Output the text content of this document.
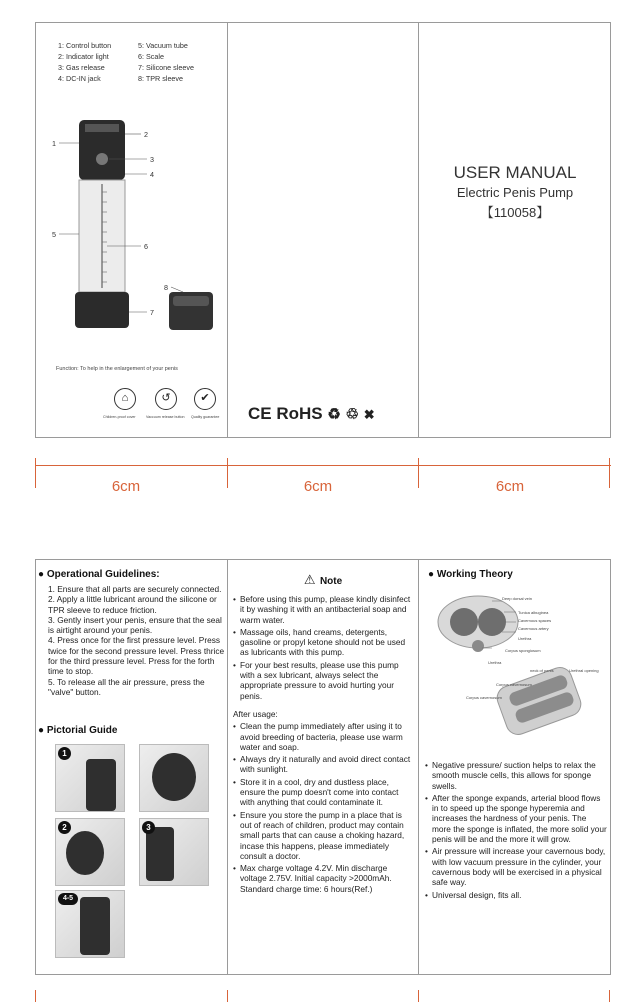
1: Control button
2: Indicator light
3: Gas release
4: DC-IN jack
5: Vacuum tube
6: Scale
7: Silicone sleeve
8: TPR sleeve
1
2
3
4
5
6
7
8
Function: To help in the enlargement of your penis
⌂	↺	✔
Children-proof cover	Vaccuum release button Quality guarantee CE RoHS ♻ ♲ ✖
USER MANUAL
Electric Penis Pump
【110058】
6cm	6cm	6cm
● Operational Guidelines:
1. Ensure that all parts are securely connected.
2. Apply a little lubricant around the silicone or TPR sleeve to reduce friction.
3. Gently insert your penis, ensure that the seal is airtight around your penis.
4. Press once for the first pressure level. Press twice for the second pressure level. Press thrice for the third pressure level. Press for the forth time to stop.
5. To release all the air pressure, press the "valve" button.
● Pictorial Guide
1
2	3
4-5
⚠ Note
• Before using this pump, please kindly disinfect it by washing it with an antibacterial soap and warm water.
• Massage oils, hand creams, detergents, gasoline or propyl ketone should not be used as lubricants with this pump.
• For your best results, please use this pump with a sex lubricant, always select the appropriate pressure to avoid hurting your penis.
After usage:
• Clean the pump immediately after using it to avoid breeding of bacteria, please use warm water and soap.
• Always dry it naturally and avoid direct contact with sunlight.
• Store it in a cool, dry and dustless place, ensure the pump doesn't come into contact with anything that could contaminate it.
• Ensure you store the pump in a place that is out of reach of children, product may contain small parts that can cause a choking hazard, incase this happens, please immediately consult a doctor.
• Max charge voltage 4.2V. Min discharge voltage 2.75V. Initial capacity >2000mAh. Standard charge time: 6 hours(Ref.)
● Working Theory
Deep dorsal vein
Tunica albuginea
Cavernous spaces
Cavernous artery
Urethra
Corpus spongiosum
Urethra
neck of penis	Urethral opening
Corpus cavernosum
Corpus cavernosum
• Negative pressure/ suction helps to relax the smooth muscle cells, this allows for sponge swells.
• After the sponge expands, arterial blood flows in to speed up the sponge hyperemia and increases the hardness of your penis. The more the sponge is inflated, the more solid your penis will be and the more it will grow.
• Air pressure will increase your cavernous body, with low vacuum pressure in the cylinder, your cavernous body will be exercised in a physical safe way.
• Universal design, fits all.
